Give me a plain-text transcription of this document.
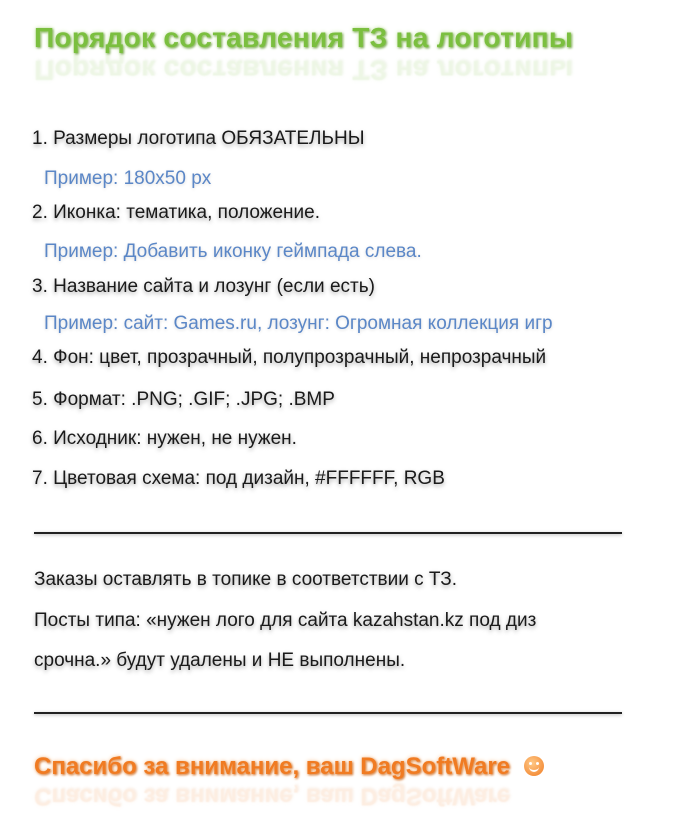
Порядок составления ТЗ на логотипы
Порядок составления ТЗ на логотипы
1. Размеры логотипа ОБЯЗАТЕЛЬНЫ
Пример: 180x50 px
2. Иконка: тематика, положение.
Пример: Добавить иконку геймпада слева.
3. Название сайта и лозунг (если есть)
Пример: сайт: Games.ru, лозунг: Огромная коллекция игр
4. Фон: цвет, прозрачный, полупрозрачный, непрозрачный
5. Формат: .PNG; .GIF; .JPG; .BMP
6. Исходник: нужен, не нужен.
7. Цветовая схема: под дизайн, #FFFFFF, RGB
Заказы оставлять в топике в соответствии с ТЗ.
Посты типа: «нужен лого для сайта kazahstan.kz под диз
срочна.» будут удалены и НЕ выполнены.
Спасибо за внимание, ваш DagSoftWare
Спасибо за внимание, ваш DagSoftWare
